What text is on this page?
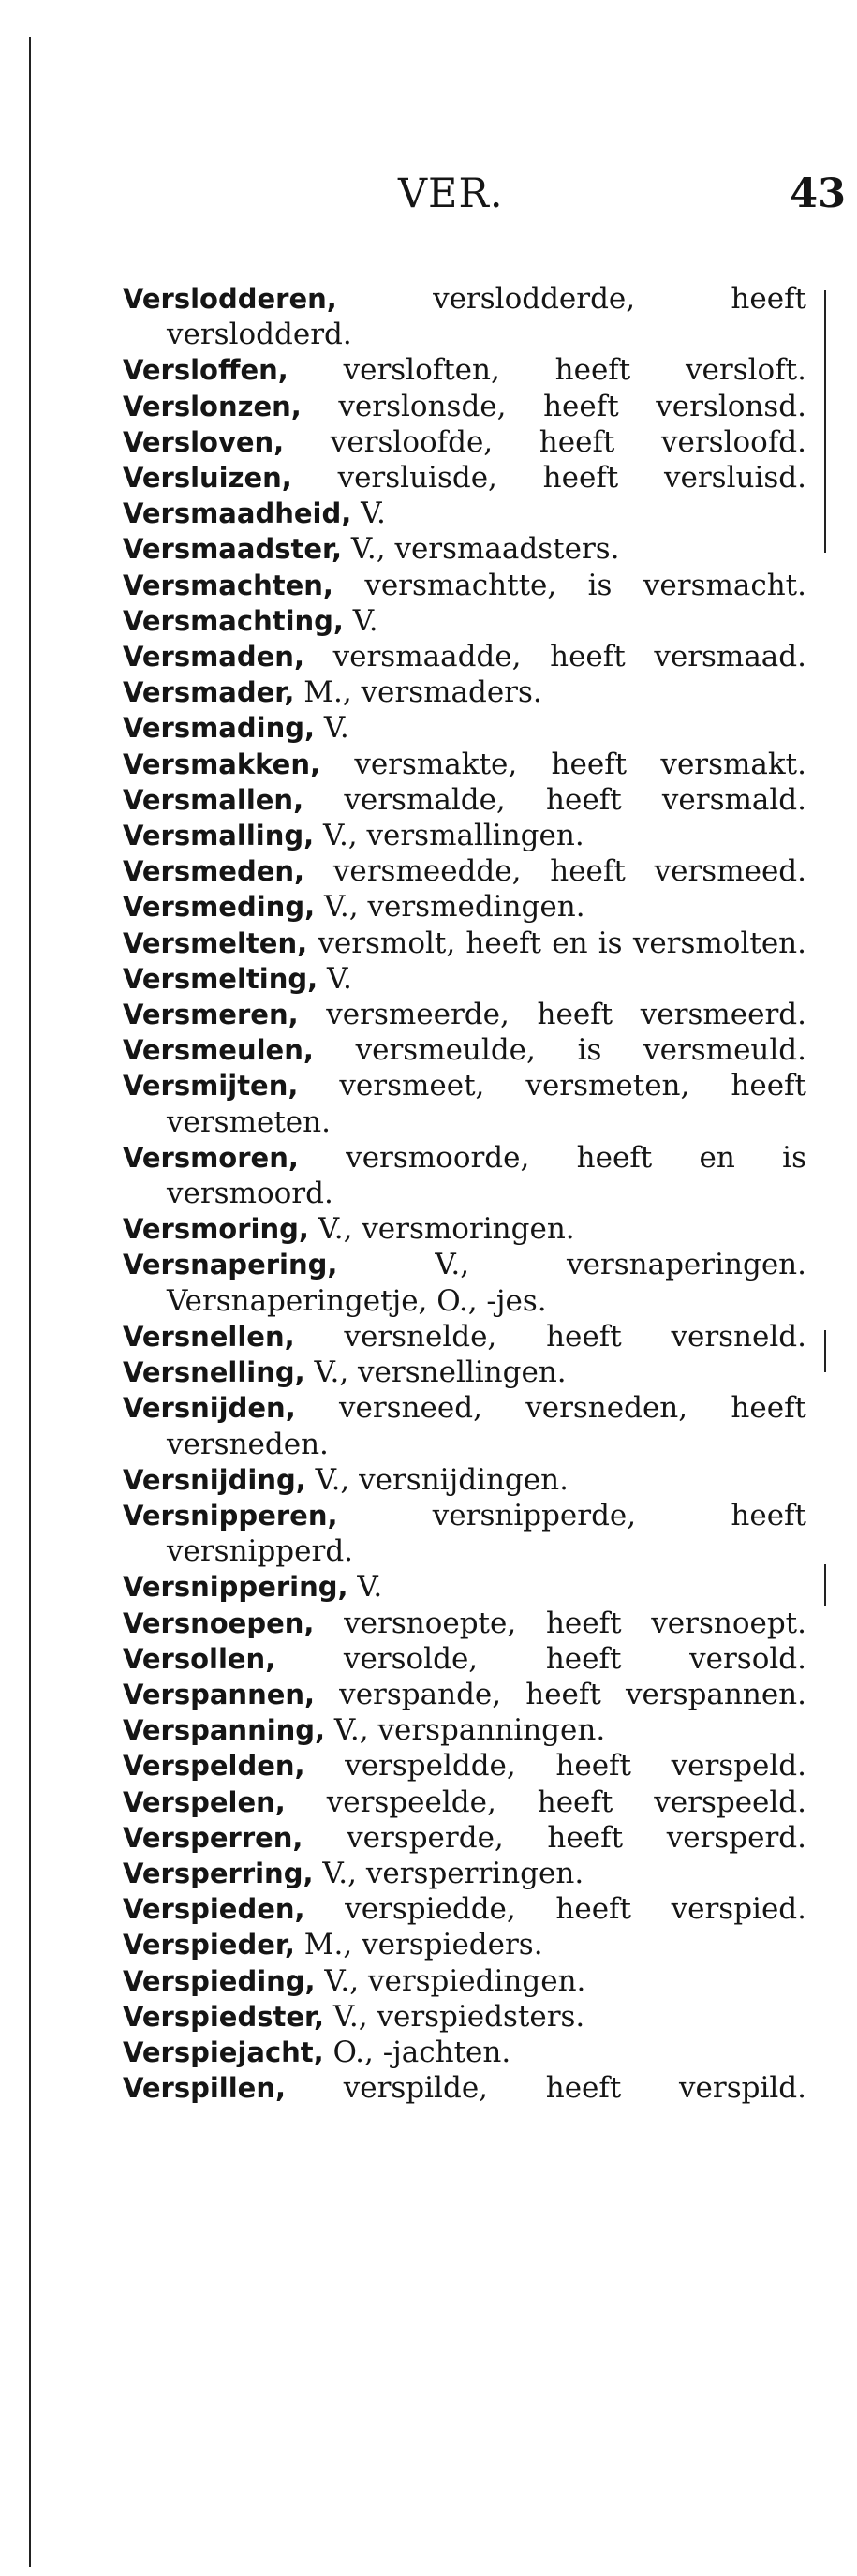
VER.	43
Verslodderen, verslodderde, heeft verslodderd.
Versloffen, versloften, heeft versloft.
Verslonzen, verslonsde, heeft verslonsd.
Versloven, versloofde, heeft versloofd.
Versluizen, versluisde, heeft versluisd.
Versmaadheid, V.
Versmaadster, V., versmaadsters.
Versmachten, versmachtte, is versmacht.
Versmachting, V.
Versmaden, versmaadde, heeft versmaad.
Versmader, M., versmaders.
Versmading, V.
Versmakken, versmakte, heeft versmakt.
Versmallen, versmalde, heeft versmald.
Versmalling, V., versmallingen.
Versmeden, versmeedde, heeft versmeed.
Versmeding, V., versmedingen.
Versmelten, versmolt, heeft en is versmolten.
Versmelting, V.
Versmeren, versmeerde, heeft versmeerd.
Versmeulen, versmeulde, is versmeuld.
Versmijten, versmeet, versmeten, heeft versmeten.
Versmoren, versmoorde, heeft en is versmoord.
Versmoring, V., versmoringen.
Versnapering, V., versnaperingen.
Versnaperingetje, O., -jes.
Versnellen, versnelde, heeft versneld.
Versnelling, V., versnellingen.
Versnijden, versneed, versneden, heeft versneden.
Versnijding, V., versnijdingen.
Versnipperen, versnipperde, heeft versnipperd.
Versnippering, V.
Versnoepen, versnoepte, heeft versnoept.
Versollen, versolde, heeft versold.
Verspannen, verspande, heeft verspannen.
Verspanning, V., verspanningen.
Verspelden, verspeldde, heeft verspeld.
Verspelen, verspeelde, heeft verspeeld.
Versperren, versperde, heeft versperd.
Versperring, V., versperringen.
Verspieden, verspiedde, heeft verspied.
Verspieder, M., verspieders.
Verspieding, V., verspiedingen.
Verspiedster, V., verspiedsters.
Verspiejacht, O., -jachten.
Verspillen, verspilde, heeft verspild.
